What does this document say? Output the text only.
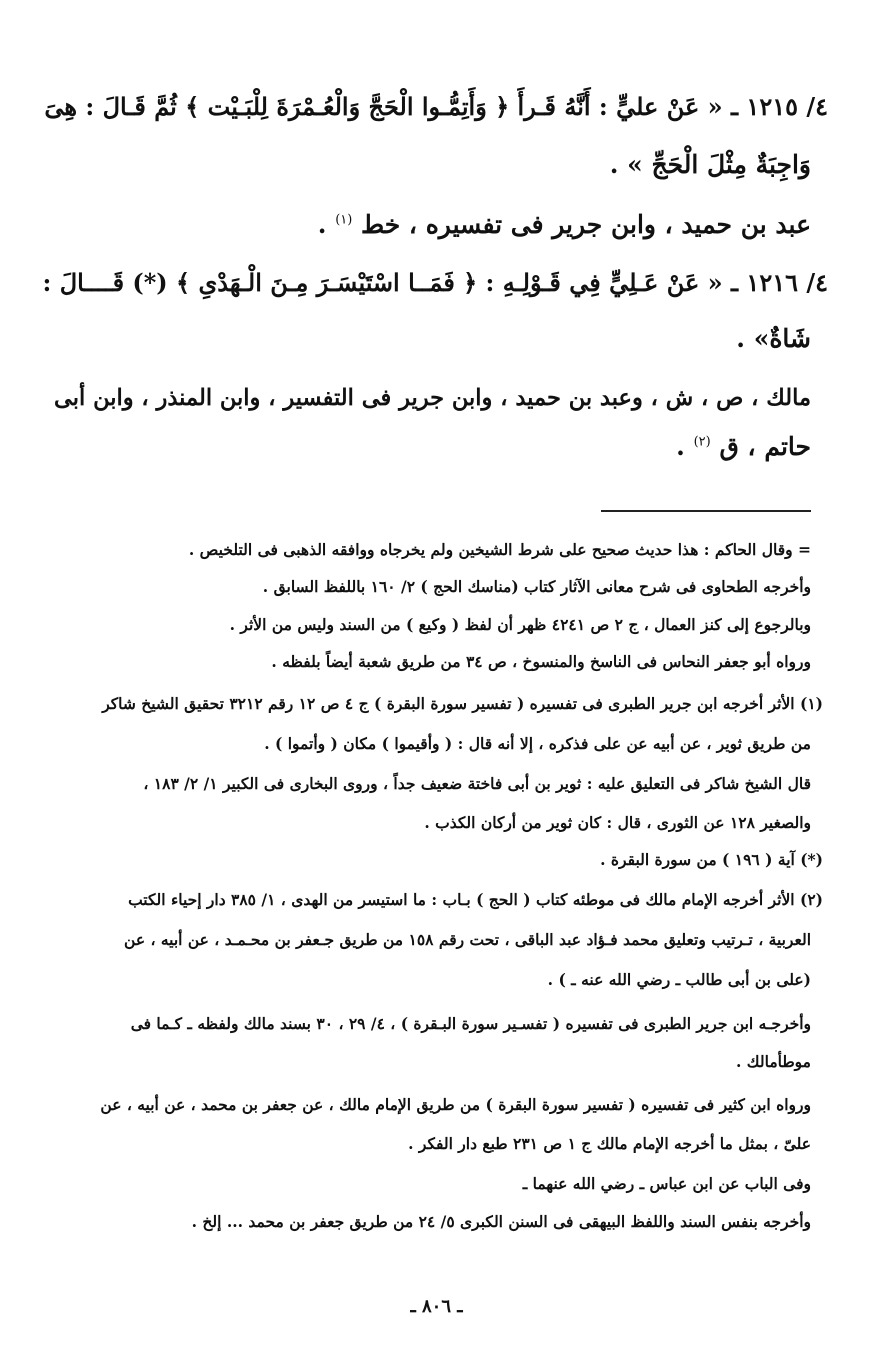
٤/ ١٢١٥ ـ « عَنْ عليٍّ : أَنَّهُ قَـرأَ ﴿ وَأَتِمُّـوا الْحَجَّ وَالْعُـمْرَةَ لِلْبَـيْت ﴾ ثُمَّ قَـالَ : هِىَ
وَاجِبَةٌ مِثْلَ الْحَجِّ » .
عبد بن حميد ، وابن جرير فى تفسيره ، خط $^{(١)}$ .
٤/ ١٢١٦ ـ « عَنْ عَـلِيٍّ فِي قَـوْلِـهِ : ﴿ فَمَــا اسْتَيْسَـرَ مِـنَ الْـهَدْىِ ﴾ (*) قَــــالَ :
شَاةٌ» .
مالك ، ص ، ش ، وعبد بن حميد ، وابن جرير فى التفسير ، وابن المنذر ، وابن أبى
حاتم ، ق $^{(٢)}$ .
= وقال الحاكم : هذا حديث صحيح على شرط الشيخين ولم يخرجاه ووافقه الذهبى فى التلخيص .
وأخرجه الطحاوى فى شرح معانى الآثار كتاب (مناسك الحج ) ٢/ ١٦٠ باللفظ السابق .
وبالرجوع إلى كنز العمال ، ج ٢ ص ٤٢٤١ ظهر أن لفظ ( وكيع ) من السند وليس من الأثر .
ورواه أبو جعفر النحاس فى الناسخ والمنسوخ ، ص ٣٤ من طريق شعبة أيضاً بلفظه .
(١) الأثر أخرجه ابن جرير الطبرى فى تفسيره ( تفسير سورة البقرة ) ج ٤ ص ١٢ رقم ٣٢١٢ تحقيق الشيخ شاكر
من طريق ثوير ، عن أبيه عن على فذكره ، إلا أنه قال : ( وأقيموا ) مكان ( وأتموا ) .
قال الشيخ شاكر فى التعليق عليه : ثوير بن أبى فاختة ضعيف جداً ، وروى البخارى فى الكبير ١/ ٢/ ١٨٣ ،
والصغير ١٢٨ عن الثورى ، قال : كان ثوير من أركان الكذب .
(*) آية ( ١٩٦ ) من سورة البقرة .
(٢) الأثر أخرجه الإمام مالك فى موطئه كتاب ( الحج ) بـاب : ما استيسر من الهدى ، ١/ ٣٨٥ دار إحياء الكتب
العربية ، تـرتيب وتعليق محمد فـؤاد عبد الباقى ، تحت رقم ١٥٨ من طريق جـعفر بن محـمـد ، عن أبيه ، عن
(على بن أبى طالب ـ رضي الله عنه ـ ) .
وأخرجـه ابن جرير الطبرى فى تفسيره ( تفسـير سورة البـقرة ) ، ٤/ ٢٩ ، ٣٠ بسند مالك ولفظه ـ كـما فى
موطأمالك .
ورواه ابن كثير فى تفسيره ( تفسير سورة البقرة ) من طريق الإمام مالك ، عن جعفر بن محمد ، عن أبيه ، عن
علىّ ، بمثل ما أخرجه الإمام مالك ج ١ ص ٢٣١ طبع دار الفكر .
وفى الباب عن ابن عباس ـ رضي الله عنهما ـ
وأخرجه بنفس السند واللفظ البيهقى فى السنن الكبرى ٥/ ٢٤ من طريق جعفر بن محمد ... إلخ .
ـ ٨٠٦ ـ
